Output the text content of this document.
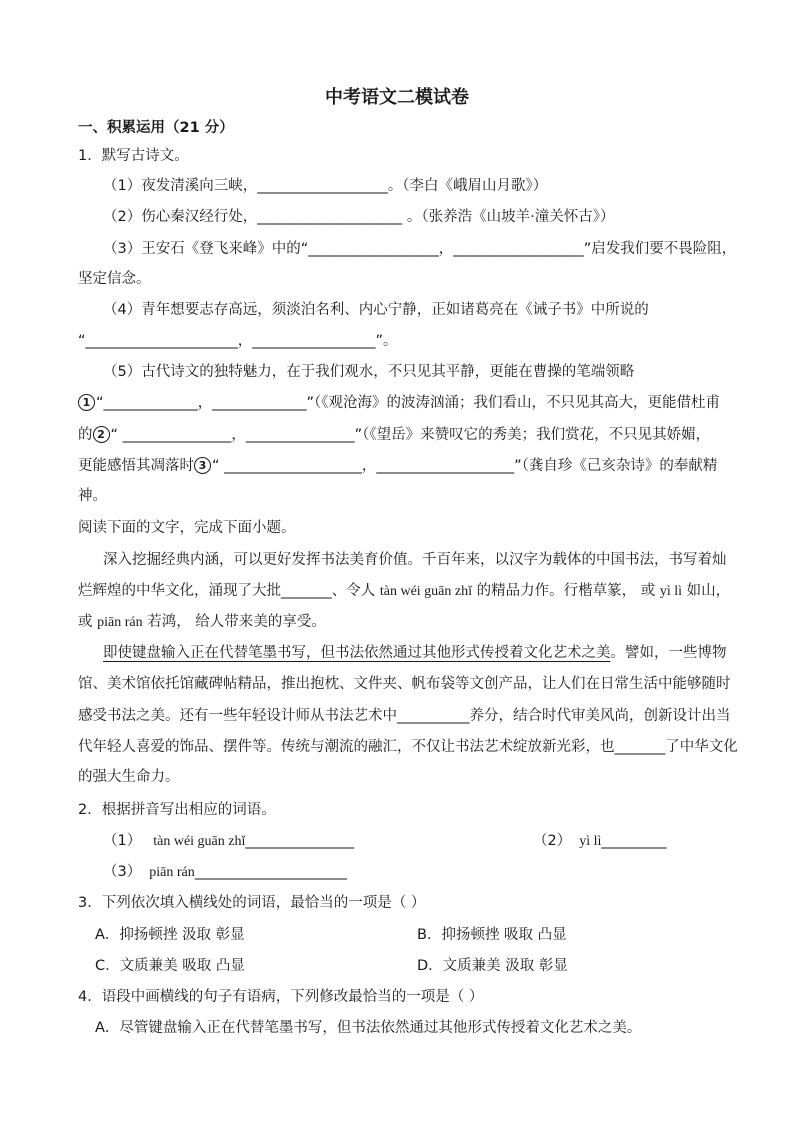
中考语文二模试卷
一、积累运用（21 分）
1．默写古诗文。
（1）夜发清溪向三峡，__________________。（李白《峨眉山月歌》）
（2）伤心秦汉经行处，____________________ 。（张养浩《山坡羊·潼关怀古》）
（3）王安石《登飞来峰》中的“__________________，__________________”启发我们要不畏险阻，
坚定信念。
（4）青年想要志存高远，须淡泊名利、内心宁静，正如诸葛亮在《诫子书》中所说的
“_____________________，_________________”。
（5）古代诗文的独特魅力，在于我们观水，不只见其平静，更能在曹操的笔端领略
1 “_____________，_____________”（《观沧海》的波涛汹涌；我们看山，不只见其高大，更能借杜甫
的 2 “ _______________，_______________”（《望岳》来赞叹它的秀美；我们赏花，不只见其娇媚，
更能感悟其凋落时 3 “ ___________________，___________________”（龚自珍《己亥杂诗》的奉献精
神。
阅读下面的文字，完成下面小题。
深入挖掘经典内涵，可以更好发挥书法美育价值。千百年来，以汉字为载体的中国书法，书写着灿
烂辉煌的中华文化，涌现了大批_______、令人 tàn wéi guān zhǐ 的精品力作。行楷草篆， 或 yì lì 如山，
或 piān rán 若鸿， 给人带来美的享受。
即使键盘输入正在代替笔墨书写，但书法依然通过其他形式传授着文化艺术之美。譬如，一些博物
馆、美术馆依托馆藏碑帖精品，推出抱枕、文件夹、帆布袋等文创产品，让人们在日常生活中能够随时
感受书法之美。还有一些年轻设计师从书法艺术中__________养分，结合时代审美风尚，创新设计出当
代年轻人喜爱的饰品、摆件等。传统与潮流的融汇，不仅让书法艺术绽放新光彩，也_______了中华文化
的强大生命力。
2．根据拼音写出相应的词语。
（1） tàn wéi guān zhǐ_______________	（2） yì lì_________
（3） piān rán_____________________
3．下列依次填入横线处的词语，最恰当的一项是（ ）
A．抑扬顿挫 汲取 彰显	B．抑扬顿挫 吸取 凸显
C．文质兼美 吸取 凸显	D．文质兼美 汲取 彰显
4．语段中画横线的句子有语病，下列修改最恰当的一项是（ ）
A．尽管键盘输入正在代替笔墨书写，但书法依然通过其他形式传授着文化艺术之美。
